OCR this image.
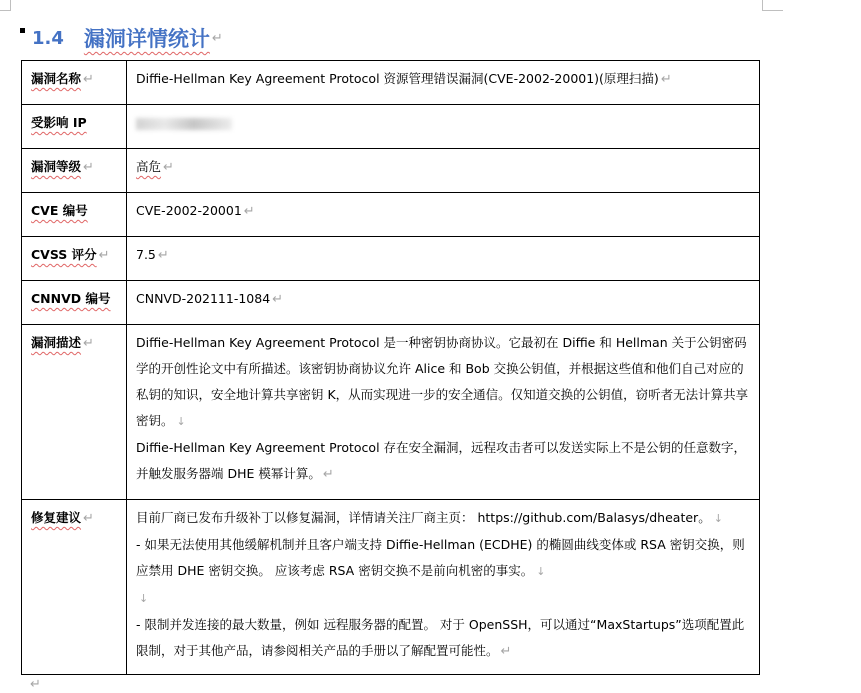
1.4 漏洞详情统计 ↵
漏洞名称 ↵	Diffie-Hellman Key Agreement Protocol 资源管理错误漏洞(CVE-2002-20001)(原理扫描) ↵
受影响 IP	
漏洞等级 ↵	高危 ↵
CVE 编号	CVE-2002-20001 ↵
CVSS 评分 ↵	7.5 ↵
CNNVD 编号	CNNVD-202111-1084 ↵
漏洞描述 ↵	Diffie-Hellman Key Agreement Protocol 是一种密钥协商协议。它最初在 Diffie 和 Hellman 关于公钥密码学的开创性论文中有所描述。该密钥协商协议允许 Alice 和 Bob 交换公钥值，并根据这些值和他们自己对应的私钥的知识，安全地计算共享密钥 K，从而实现进一步的安全通信。仅知道交换的公钥值，窃听者无法计算共享密钥。 ↓
Diffie-Hellman Key Agreement Protocol 存在安全漏洞，远程攻击者可以发送实际上不是公钥的任意数字，并触发服务器端 DHE 模幂计算。 ↵

修复建议 ↵	目前厂商已发布升级补丁以修复漏洞，详情请关注厂商主页： https://github.com/Balasys/dheater。 ↓
- 如果无法使用其他缓解机制并且客户端支持 Diffie-Hellman (ECDHE) 的椭圆曲线变体或 RSA 密钥交换，则应禁用 DHE 密钥交换。 应该考虑 RSA 密钥交换不是前向机密的事实。 ↓
↓
- 限制并发连接的最大数量，例如 远程服务器的配置。 对于 OpenSSH，可以通过“MaxStartups”选项配置此限制，对于其他产品，请参阅相关产品的手册以了解配置可能性。 ↵
↵
